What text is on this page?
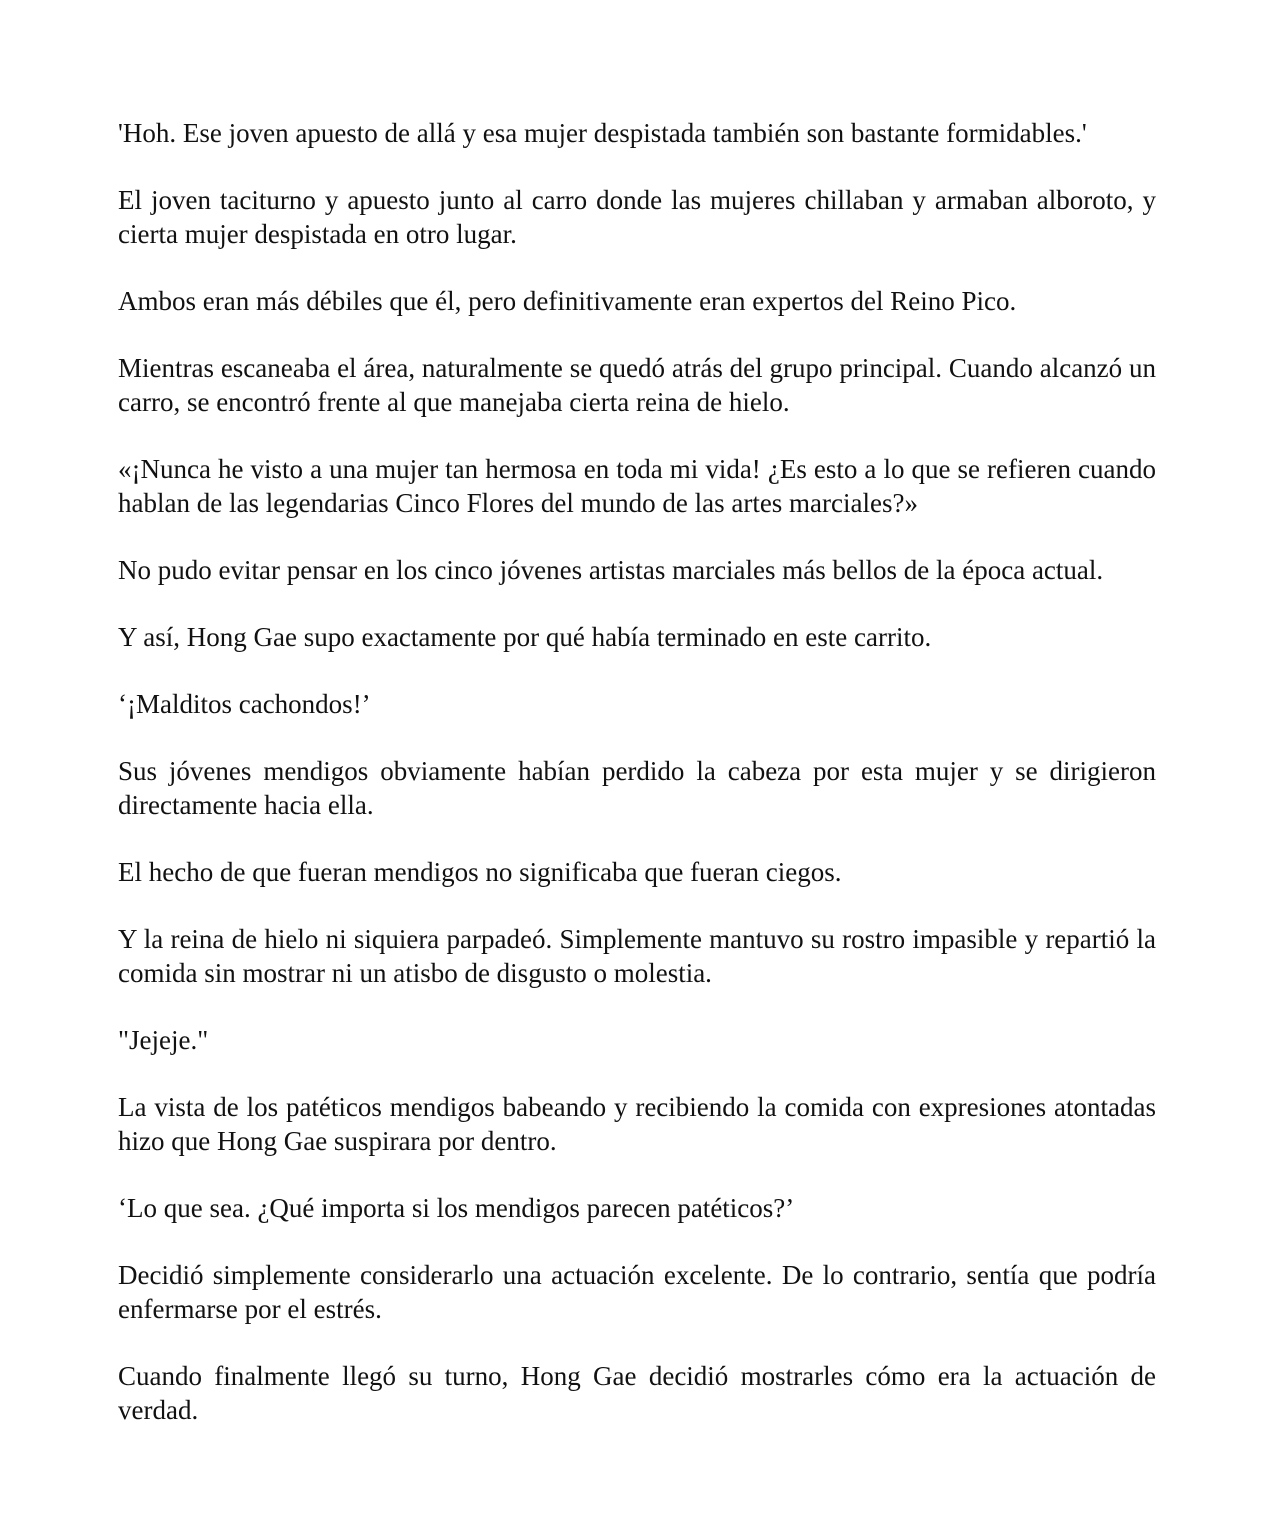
'Hoh. Ese joven apuesto de allá y esa mujer despistada también son bastante formidables.'

El joven taciturno y apuesto junto al carro donde las mujeres chillaban y armaban alboroto, y cierta mujer despistada en otro lugar.

Ambos eran más débiles que él, pero definitivamente eran expertos del Reino Pico.

Mientras escaneaba el área, naturalmente se quedó atrás del grupo principal. Cuando alcanzó un carro, se encontró frente al que manejaba cierta reina de hielo.

«¡Nunca he visto a una mujer tan hermosa en toda mi vida! ¿Es esto a lo que se refieren cuando hablan de las legendarias Cinco Flores del mundo de las artes marciales?»

No pudo evitar pensar en los cinco jóvenes artistas marciales más bellos de la época actual.

Y así, Hong Gae supo exactamente por qué había terminado en este carrito.

‘¡Malditos cachondos!’

Sus jóvenes mendigos obviamente habían perdido la cabeza por esta mujer y se dirigieron directamente hacia ella.

El hecho de que fueran mendigos no significaba que fueran ciegos.

Y la reina de hielo ni siquiera parpadeó. Simplemente mantuvo su rostro impasible y repartió la comida sin mostrar ni un atisbo de disgusto o molestia.

"Jejeje."

La vista de los patéticos mendigos babeando y recibiendo la comida con expresiones atontadas hizo que Hong Gae suspirara por dentro.

‘Lo que sea. ¿Qué importa si los mendigos parecen patéticos?’

Decidió simplemente considerarlo una actuación excelente. De lo contrario, sentía que podría enfermarse por el estrés.

Cuando finalmente llegó su turno, Hong Gae decidió mostrarles cómo era la actuación de verdad.
